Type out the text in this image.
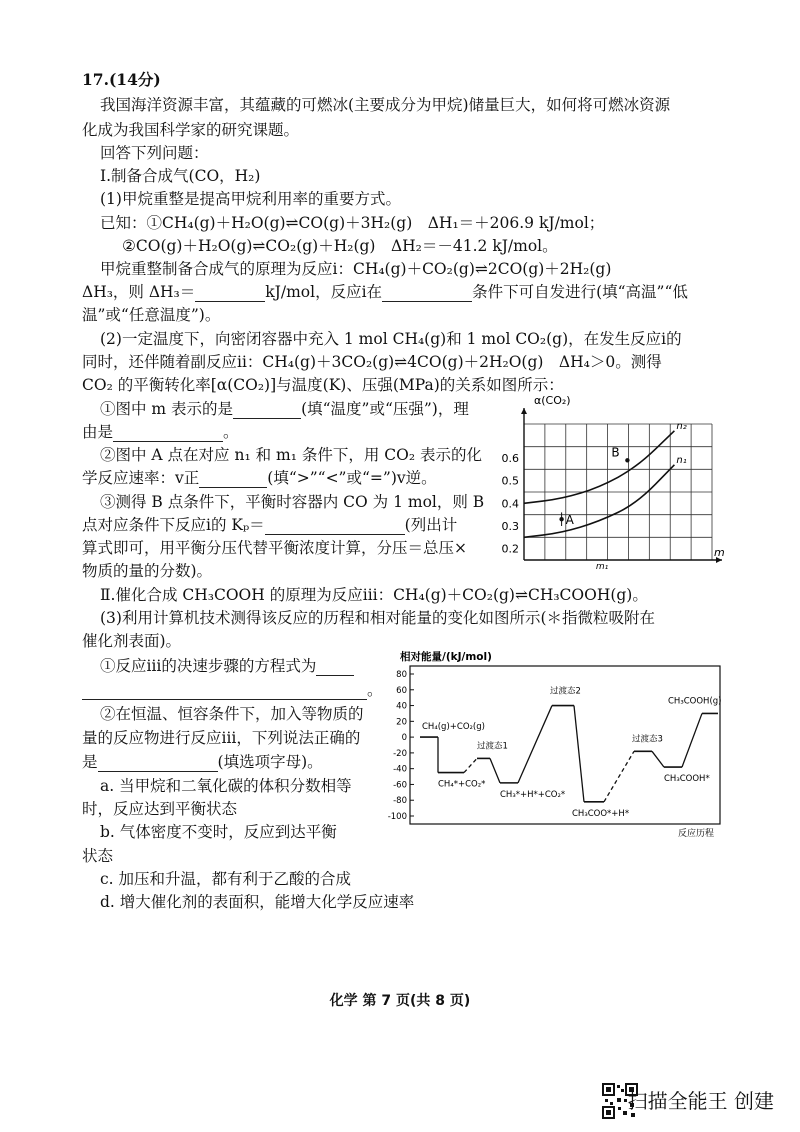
17.(14分)
我国海洋资源丰富，其蕴藏的可燃冰(主要成分为甲烷)储量巨大，如何将可燃冰资源
化成为我国科学家的研究课题。
回答下列问题：
Ⅰ.制备合成气(CO，H₂)
(1)甲烷重整是提高甲烷利用率的重要方式。
已知：①CH₄(g)＋H₂O(g)⇌CO(g)＋3H₂(g)　ΔH₁＝＋206.9 kJ/mol；
②CO(g)＋H₂O(g)⇌CO₂(g)＋H₂(g)　ΔH₂＝－41.2 kJ/mol。
甲烷重整制备合成气的原理为反应ⅰ：CH₄(g)＋CO₂(g)⇌2CO(g)＋2H₂(g)
ΔH₃，则 ΔH₃＝	kJ/mol，反应ⅰ在	条件下可自发进行(填“高温”“低
温”或“任意温度”)。
(2)一定温度下，向密闭容器中充入 1 mol CH₄(g)和 1 mol CO₂(g)，在发生反应ⅰ的
同时，还伴随着副反应ⅱ：CH₄(g)＋3CO₂(g)⇌4CO(g)＋2H₂O(g)　ΔH₄＞0。测得
CO₂ 的平衡转化率[α(CO₂)]与温度(K)、压强(MPa)的关系如图所示：
①图中 m 表示的是	(填“温度”或“压强”)，理
由是	。
②图中 A 点在对应 n₁ 和 m₁ 条件下，用 CO₂ 表示的化
学反应速率：v正	(填“>”“<”或“=”)v逆。
③测得 B 点条件下，平衡时容器内 CO 为 1 mol，则 B
点对应条件下反应ⅰ的 Kₚ＝	(列出计
算式即可，用平衡分压代替平衡浓度计算，分压＝总压×
物质的量的分数)。
Ⅱ.催化合成 CH₃COOH 的原理为反应ⅲ：CH₄(g)＋CO₂(g)⇌CH₃COOH(g)。
(3)利用计算机技术测得该反应的历程和相对能量的变化如图所示(＊指微粒吸附在
催化剂表面)。
①反应ⅲ的决速步骤的方程式为
。
②在恒温、恒容条件下，加入等物质的
量的反应物进行反应ⅲ，下列说法正确的
是	(填选项字母)。
a. 当甲烷和二氧化碳的体积分数相等
时，反应达到平衡状态
b. 气体密度不变时，反应到达平衡
状态
c. 加压和升温，都有利于乙酸的合成
d. 增大催化剂的表面积，能增大化学反应速率
0.2
0.3
0.4
0.5
0.6
n₂
n₁
A
B
α(CO₂)
m
m₁
相对能量/(kJ/mol)
反应历程
80
60
40
20
0
-20
-40
-60
-80
-100
CH₄(g)+CO₂(g)
CH₄*+CO₂*
过渡态1
CH₃*+H*+CO₂*
过渡态2
CH₃COO*+H*
过渡态3
CH₃COOH*
CH₃COOH(g)
化学 第 7 页(共 8 页)
扫描全能王 创建
